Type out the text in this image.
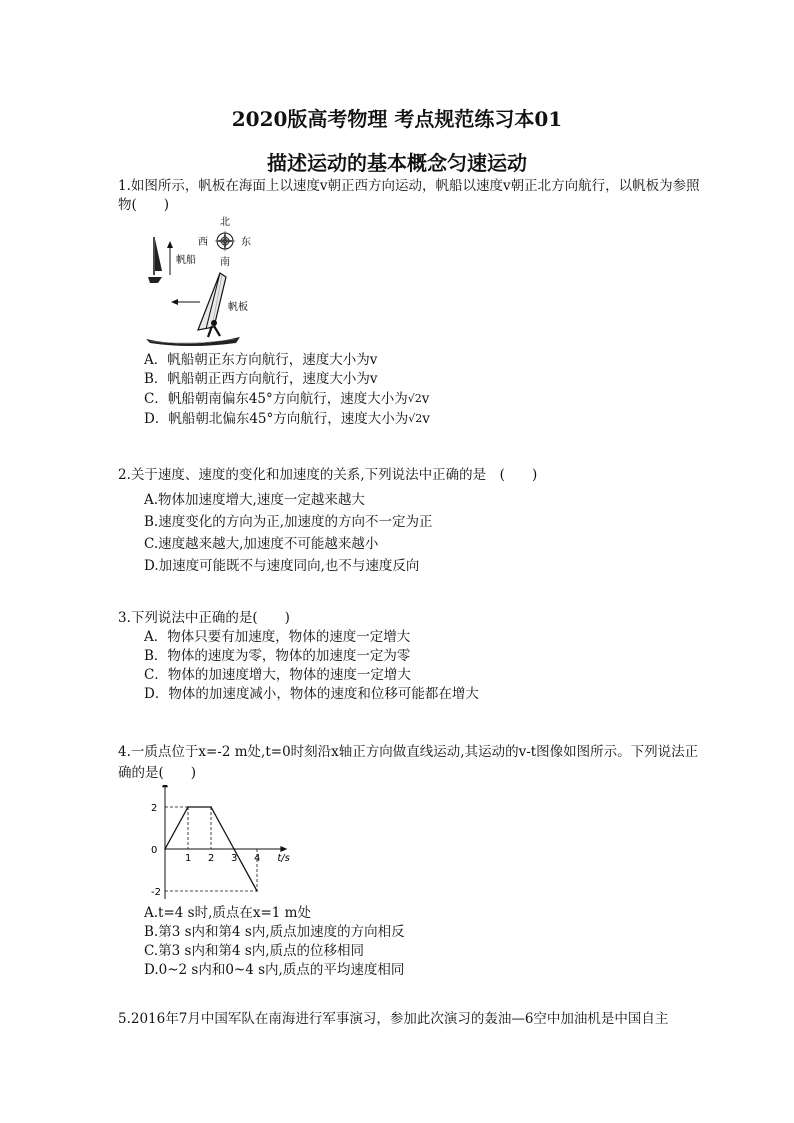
2020版高考物理 考点规范练习本01
描述运动的基本概念匀速运动
1.如图所示，帆板在海面上以速度v朝正西方向运动，帆船以速度v朝正北方向航行，以帆板为参照物(　　)
帆船
北
西	东
南
帆板
A．帆船朝正东方向航行，速度大小为v
B．帆船朝正西方向航行，速度大小为v
C．帆船朝南偏东45°方向航行，速度大小为√2v
D．帆船朝北偏东45°方向航行，速度大小为√2v
2.关于速度、速度的变化和加速度的关系,下列说法中正确的是　(　　)
A.物体加速度增大,速度一定越来越大
B.速度变化的方向为正,加速度的方向不一定为正
C.速度越来越大,加速度不可能越来越小
D.加速度可能既不与速度同向,也不与速度反向
3.下列说法中正确的是(　　)
A．物体只要有加速度，物体的速度一定增大
B．物体的速度为零，物体的加速度一定为零
C．物体的加速度增大，物体的速度一定增大
D．物体的加速度减小，物体的速度和位移可能都在增大
4.一质点位于x=-2 m处,t=0时刻沿x轴正方向做直线运动,其运动的v-t图像如图所示。下列说法正确的是(　　)
t/s
2
0
-2
1 2 3 4
A.t=4 s时,质点在x=1 m处
B.第3 s内和第4 s内,质点加速度的方向相反
C.第3 s内和第4 s内,质点的位移相同
D.0~2 s内和0~4 s内,质点的平均速度相同
5.2016年7月中国军队在南海进行军事演习，参加此次演习的轰油—6空中加油机是中国自主
